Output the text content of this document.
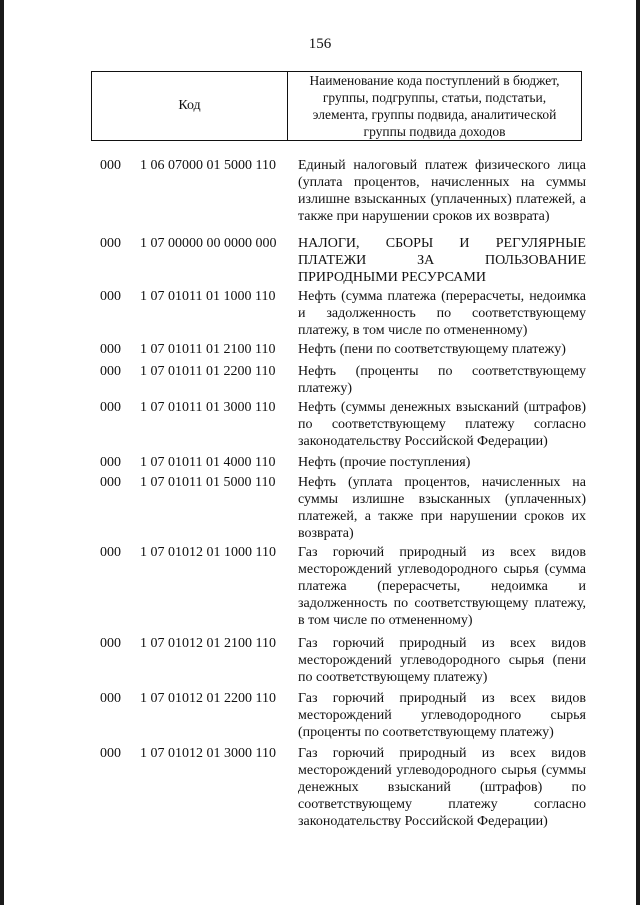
156
Код
Наименование кода поступлений в бюджет, группы, подгруппы, статьи, подстатьи, элемента, группы подвида, аналитической группы подвида доходов
000	1 06 07000 01 5000 110	Единый налоговый платеж физического лица (уплата процентов, начисленных на суммы излишне взысканных (уплаченных) платежей, а также при нарушении сроков их возврата)
000	1 07 00000 00 0000 000	НАЛОГИ, СБОРЫ И РЕГУЛЯРНЫЕ ПЛАТЕЖИ ЗА ПОЛЬЗОВАНИЕ ПРИРОДНЫМИ РЕСУРСАМИ
000	1 07 01011 01 1000 110	Нефть (сумма платежа (перерасчеты, недоимка и задолженность по соответствующему платежу, в том числе по отмененному)
000	1 07 01011 01 2100 110	Нефть (пени по соответствующему платежу)
000	1 07 01011 01 2200 110	Нефть (проценты по соответствующему платежу)
000	1 07 01011 01 3000 110	Нефть (суммы денежных взысканий (штрафов) по соответствующему платежу согласно законодательству Российской Федерации)
000	1 07 01011 01 4000 110	Нефть (прочие поступления)
000	1 07 01011 01 5000 110	Нефть (уплата процентов, начисленных на суммы излишне взысканных (уплаченных) платежей, а также при нарушении сроков их возврата)
000	1 07 01012 01 1000 110	Газ горючий природный из всех видов месторождений углеводородного сырья (сумма платежа (перерасчеты, недоимка и задолженность по соответствующему платежу, в том числе по отмененному)
000	1 07 01012 01 2100 110	Газ горючий природный из всех видов месторождений углеводородного сырья (пени по соответствующему платежу)
000	1 07 01012 01 2200 110	Газ горючий природный из всех видов месторождений углеводородного сырья (проценты по соответствующему платежу)
000	1 07 01012 01 3000 110	Газ горючий природный из всех видов месторождений углеводородного сырья (суммы денежных взысканий (штрафов) по соответствующему платежу согласно законодательству Российской Федерации)
